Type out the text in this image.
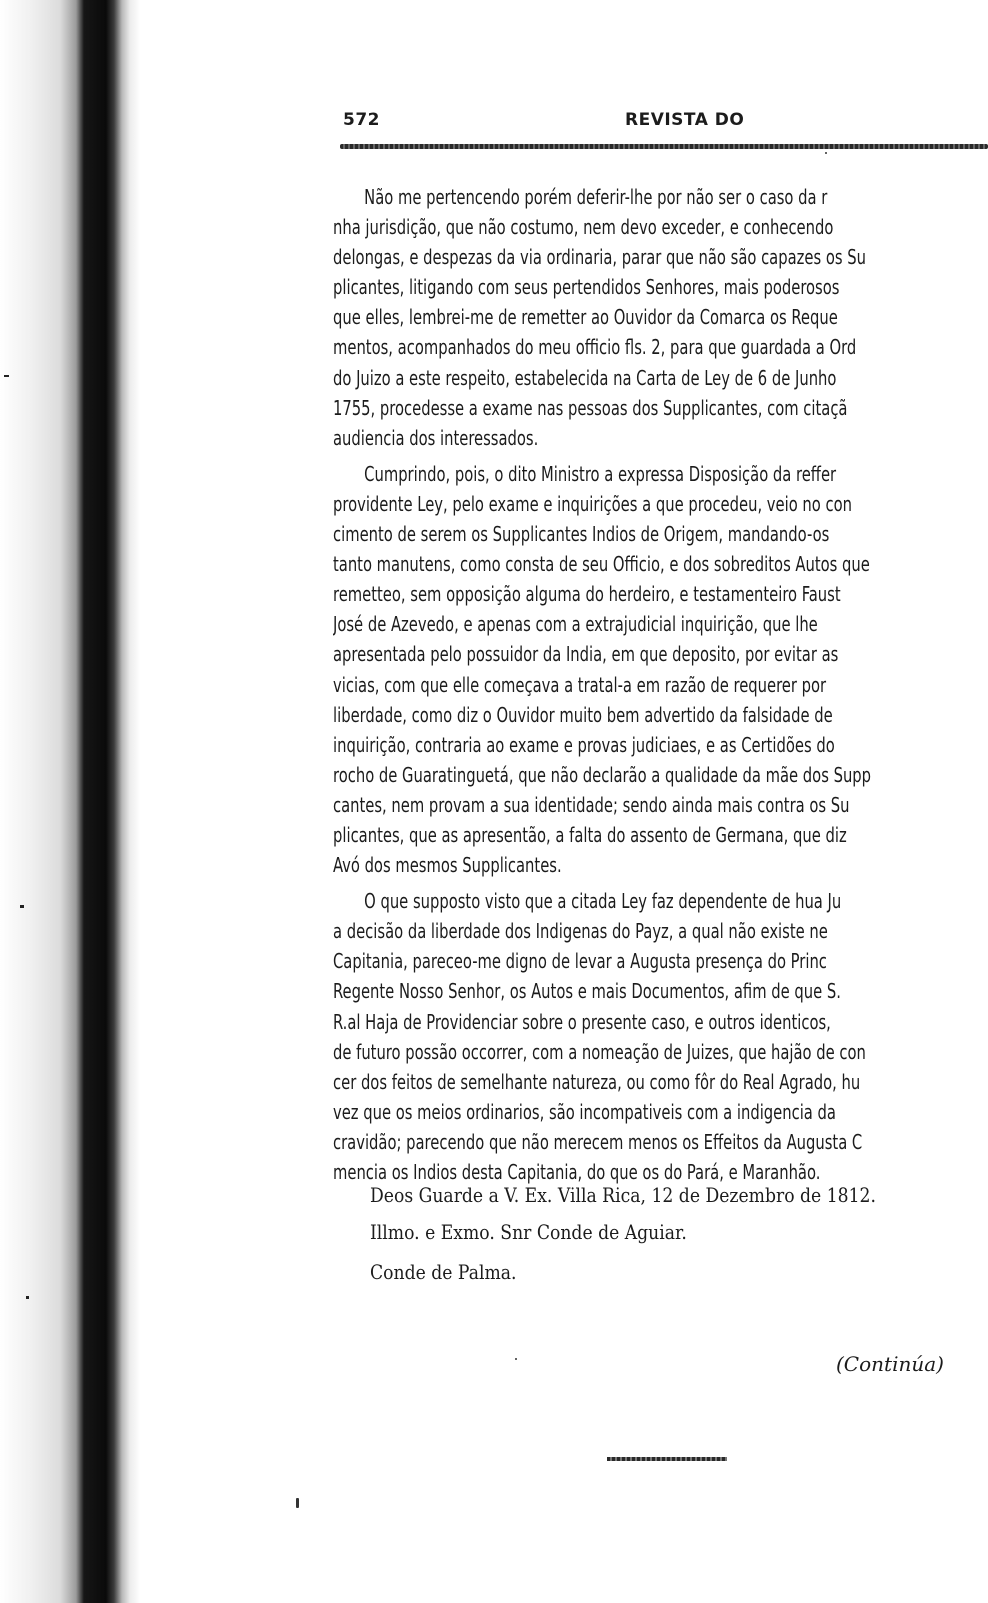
572	REVISTA DO

Não me pertencendo porém deferir-lhe por não ser o caso da r
nha jurisdição, que não costumo, nem devo exceder, e conhecendo
delongas, e despezas da via ordinaria, parar que não são capazes os Su
plicantes, litigando com seus pertendidos Senhores, mais poderosos
que elles, lembrei-me de remetter ao Ouvidor da Comarca os Reque
mentos, acompanhados do meu officio fls. 2, para que guardada a Ord
do Juizo a este respeito, estabelecida na Carta de Ley de 6 de Junho
1755, procedesse a exame nas pessoas dos Supplicantes, com citaçã
audiencia dos interessados.

Cumprindo, pois, o dito Ministro a expressa Disposição da reffer
providente Ley, pelo exame e inquirições a que procedeu, veio no con
cimento de serem os Supplicantes Indios de Origem, mandando-os
tanto manutens, como consta de seu Officio, e dos sobreditos Autos que
remetteo, sem opposição alguma do herdeiro, e testamenteiro Faust
José de Azevedo, e apenas com a extrajudicial inquirição, que lhe
apresentada pelo possuidor da India, em que deposito, por evitar as
vicias, com que elle começava a tratal-a em razão de requerer por
liberdade, como diz o Ouvidor muito bem advertido da falsidade de
inquirição, contraria ao exame e provas judiciaes, e as Certidões do
rocho de Guaratinguetá, que não declarão a qualidade da mãe dos Supp
cantes, nem provam a sua identidade; sendo ainda mais contra os Su
plicantes, que as apresentão, a falta do assento de Germana, que diz
Avó dos mesmos Supplicantes.

O que supposto visto que a citada Ley faz dependente de hua Ju
a decisão da liberdade dos Indigenas do Payz, a qual não existe ne
Capitania, pareceo-me digno de levar a Augusta presença do Princ
Regente Nosso Senhor, os Autos e mais Documentos, afim de que S.
R.al Haja de Providenciar sobre o presente caso, e outros identicos,
de futuro possão occorrer, com a nomeação de Juizes, que hajão de con
cer dos feitos de semelhante natureza, ou como fôr do Real Agrado, hu
vez que os meios ordinarios, são incompativeis com a indigencia da
cravidão; parecendo que não merecem menos os Effeitos da Augusta C
mencia os Indios desta Capitania, do que os do Pará, e Maranhão.

Deos Guarde a V. Ex. Villa Rica, 12 de Dezembro de 1812.
Illmo. e Exmo. Snr Conde de Aguiar.
Conde de Palma.
(Continúa)
